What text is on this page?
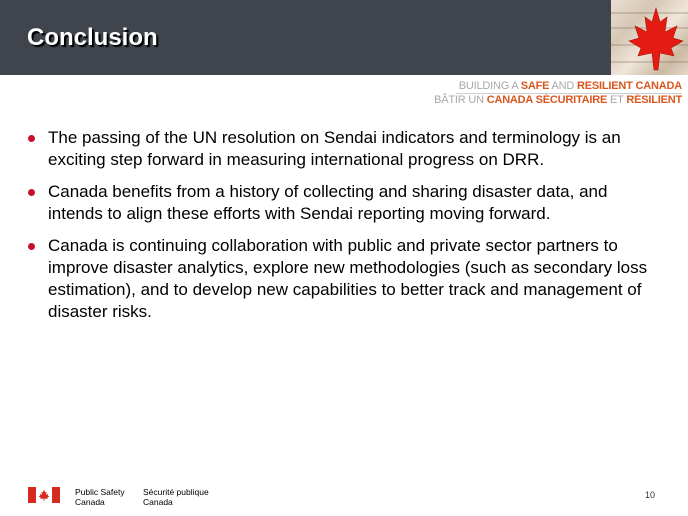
Conclusion
BUILDING A SAFE AND RESILIENT CANADA
BÂTIR UN CANADA SÉCURITAIRE ET RÉSILIENT
The passing of the UN resolution on Sendai indicators and terminology is an exciting step forward in measuring international progress on DRR.
Canada benefits from a history of collecting and sharing disaster data, and intends to align these efforts with Sendai reporting moving forward.
Canada is continuing collaboration with public and private sector partners to improve disaster analytics, explore new methodologies (such as secondary loss estimation), and to develop new capabilities to better track and management of disaster risks.
Public Safety
Canada
Sécurité publique
Canada
10
